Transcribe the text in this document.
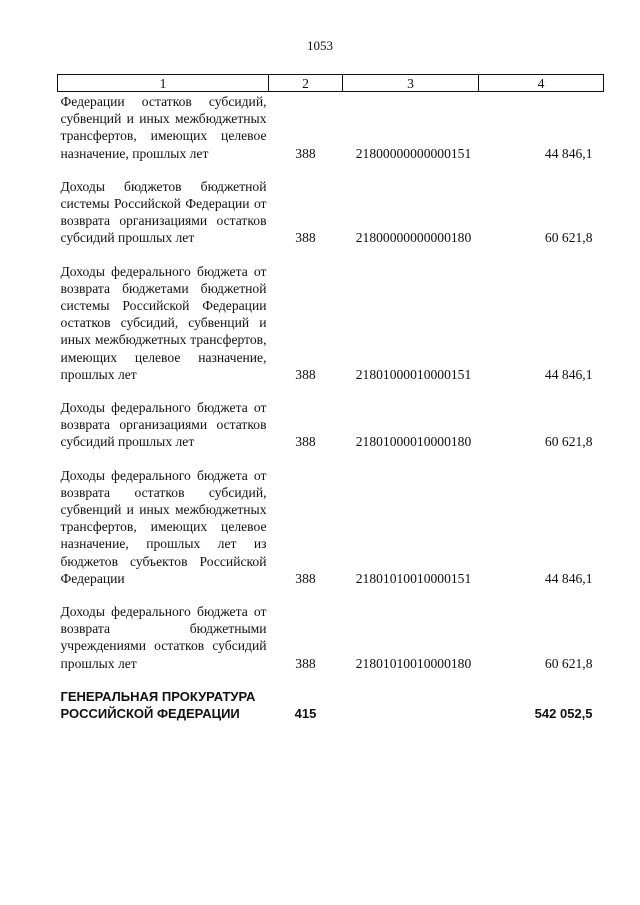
1053
1	2	3	4
Федерации остатков субсидий, субвенций и иных межбюджетных трансфертов, имеющих целевое назначение, прошлых лет	388	21800000000000151	44 846,1
Доходы бюджетов бюджетной системы Российской Федерации от возврата организациями остатков субсидий прошлых лет	388	21800000000000180	60 621,8
Доходы федерального бюджета от возврата бюджетами бюджетной системы Российской Федерации остатков субсидий, субвенций и иных межбюджетных трансфертов, имеющих целевое назначение, прошлых лет	388	21801000010000151	44 846,1
Доходы федерального бюджета от возврата организациями остатков субсидий прошлых лет	388	21801000010000180	60 621,8
Доходы федерального бюджета от возврата остатков субсидий, субвенций и иных межбюджетных трансфертов, имеющих целевое назначение, прошлых лет из бюджетов субъектов Российской Федерации	388	21801010010000151	44 846,1
Доходы федерального бюджета от возврата бюджетными учреждениями остатков субсидий прошлых лет	388	21801010010000180	60 621,8
ГЕНЕРАЛЬНАЯ ПРОКУРАТУРА РОССИЙСКОЙ ФЕДЕРАЦИИ	415		542 052,5
